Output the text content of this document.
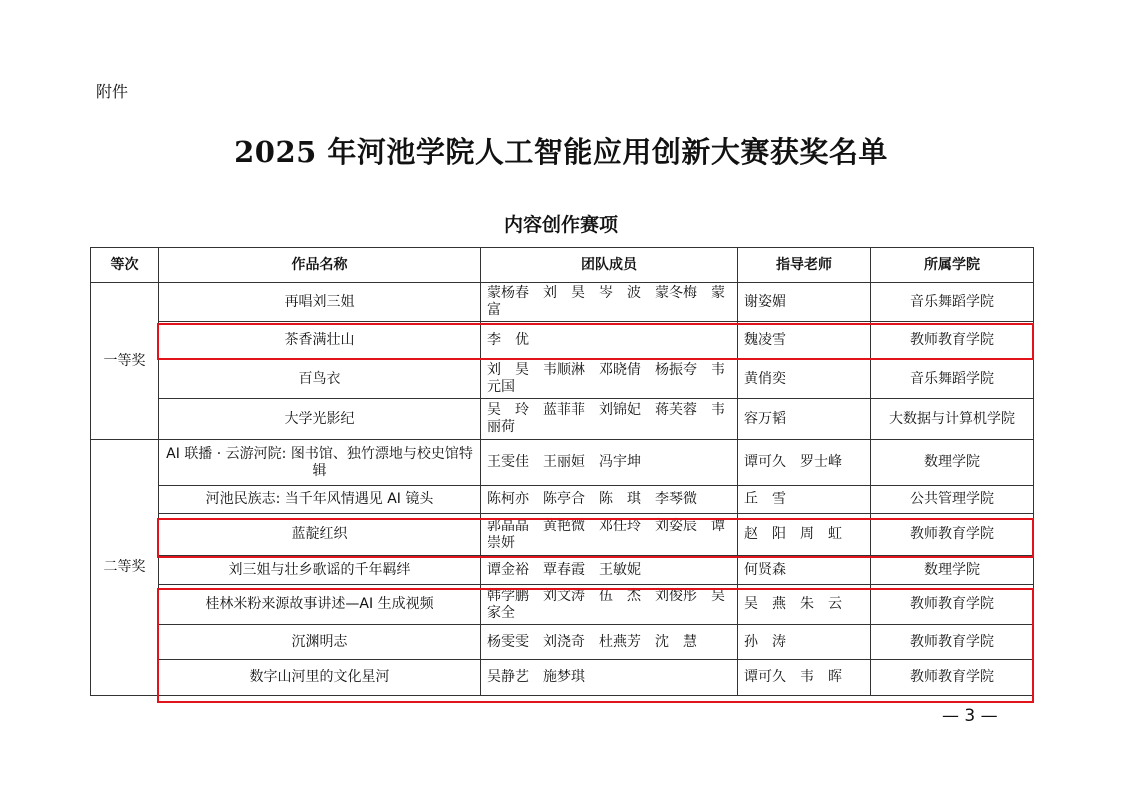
附件
2025 年河池学院人工智能应用创新大赛获奖名单
内容创作赛项
等次	作品名称	团队成员	指导老师	所属学院
一等奖	再唱刘三姐	蒙杨春　刘　昊　岑　波　蒙冬梅　蒙　富	谢姿媚	音乐舞蹈学院
	茶香满壮山	李　优	魏凌雪	教师教育学院
	百鸟衣	刘　昊　韦顺淋　邓晓倩　杨振夸　韦元国	黄俏奕	音乐舞蹈学院
	大学光影纪	吴　玲　蓝菲菲　刘锦妃　蒋芙蓉　韦丽荷	容万韬	大数据与计算机学院
二等奖	AI 联播 · 云游河院: 图书馆、独竹漂地与校史馆特辑	王雯佳　王丽姮　冯宇坤	谭可久　罗士峰	数理学院
	河池民族志: 当千年风情遇见 AI 镜头	陈柯亦　陈亭合　陈　琪　李琴微	丘　雪	公共管理学院
	蓝靛红织	郭晶晶　黄艳微　邓任玲　刘姿辰　谭崇妍	赵　阳　周　虹	教师教育学院
	刘三姐与壮乡歌谣的千年羁绊	谭金裕　覃春霞　王敏妮	何贤森	数理学院
	桂林米粉来源故事讲述—AI 生成视频	韩学鹏　刘文涛　伍　杰　刘俊彤　吴家全	吴　燕　朱　云	教师教育学院
	沉渊明志	杨雯雯　刘浇奇　杜燕芳　沈　慧	孙　涛	教师教育学院
	数字山河里的文化星河	吴静艺　施梦琪	谭可久　韦　晖	教师教育学院
— 3 —
